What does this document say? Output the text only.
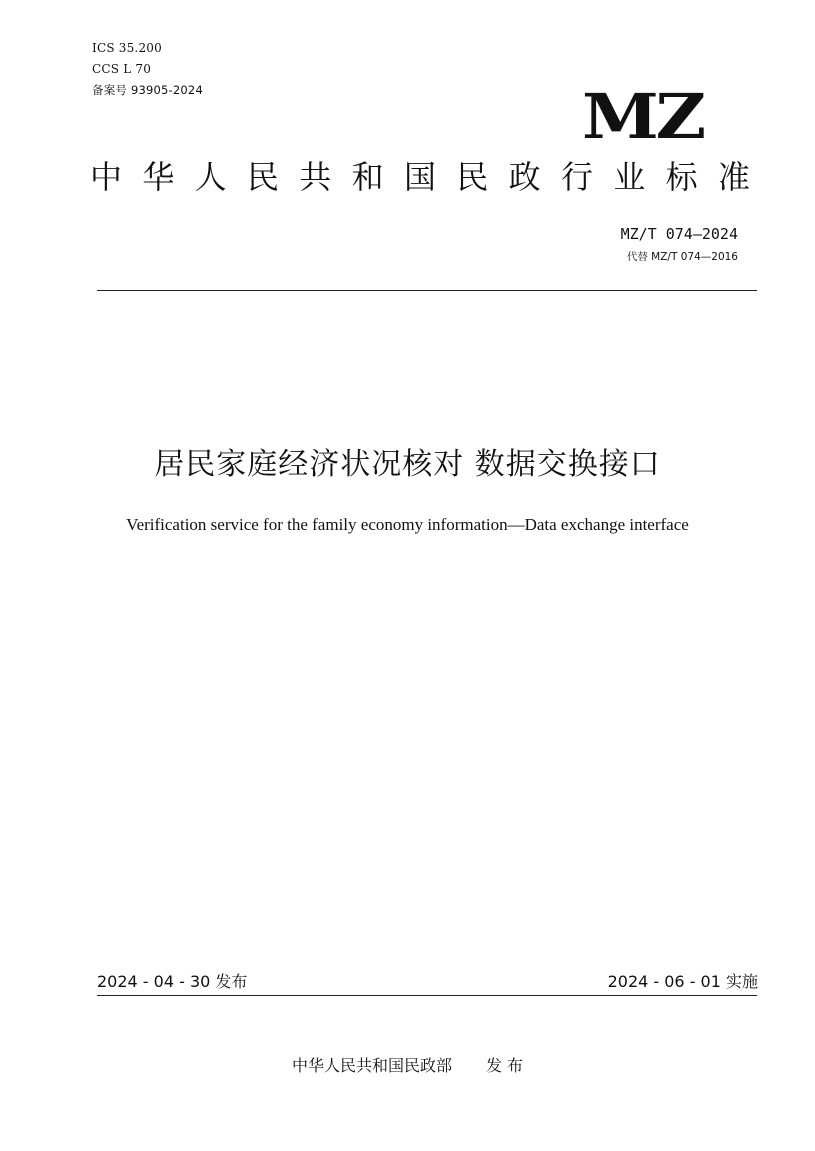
ICS 35.200
CCS L 70
备案号 93905-2024	MZ
中华人民共和国民政行业标准
MZ/T 074—2024
代替 MZ/T 074—2016
居民家庭经济状况核对 数据交换接口
Verification service for the family economy information—Data exchange interface
2024 - 04 - 30 发布	2024 - 06 - 01 实施
中华人民共和国民政部 发 布
